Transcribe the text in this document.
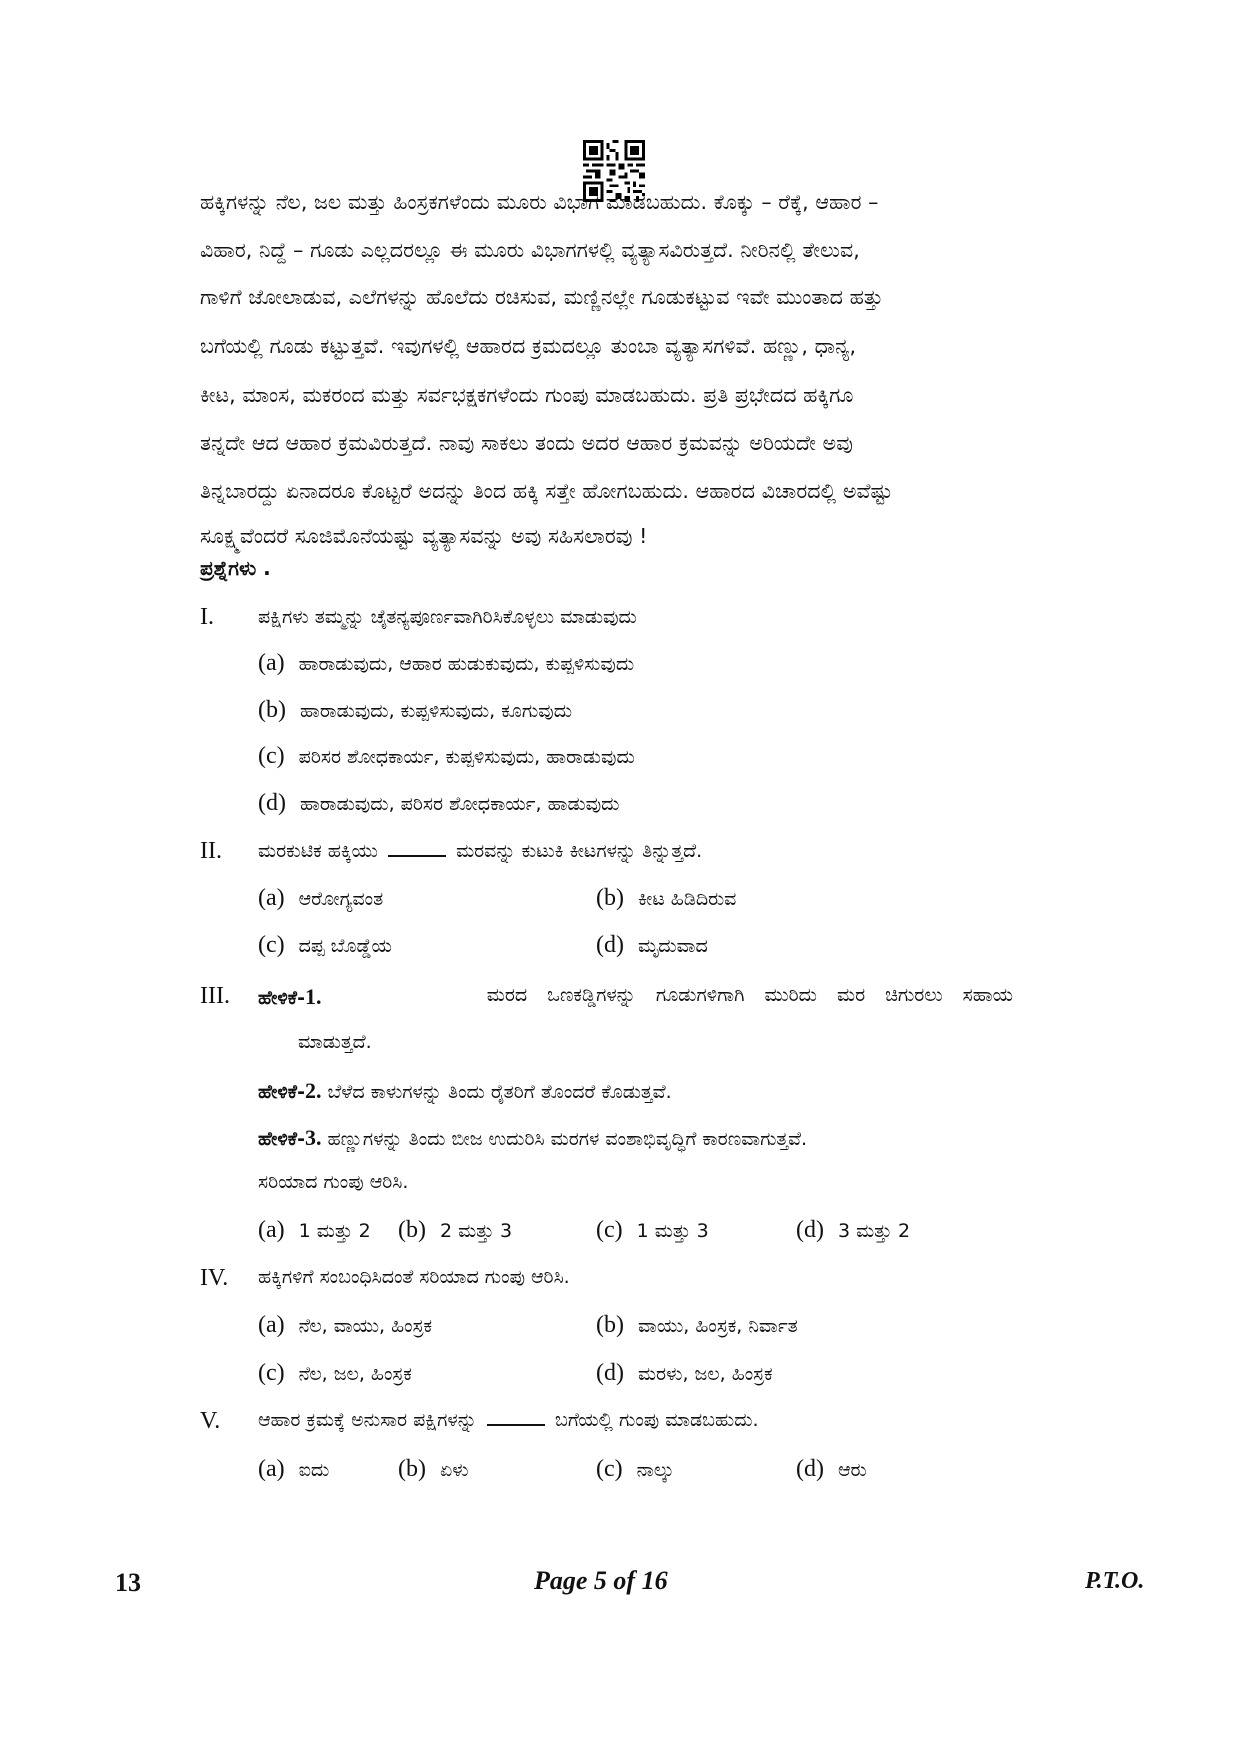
ಹಕ್ಕಿಗಳನ್ನು ನೆಲ, ಜಲ ಮತ್ತು ಹಿಂಸ್ರಕಗಳೆಂದು ಮೂರು ವಿಭಾಗ ಮಾಡಬಹುದು. ಕೊಕ್ಕು – ರೆಕ್ಕೆ, ಆಹಾರ –
ವಿಹಾರ, ನಿದ್ದೆ – ಗೂಡು ಎಲ್ಲದರಲ್ಲೂ ಈ ಮೂರು ವಿಭಾಗಗಳಲ್ಲಿ ವ್ಯತ್ಯಾಸವಿರುತ್ತದೆ. ನೀರಿನಲ್ಲಿ ತೇಲುವ,
ಗಾಳಿಗೆ ಜೋಲಾಡುವ, ಎಲೆಗಳನ್ನು ಹೊಲೆದು ರಚಿಸುವ, ಮಣ್ಣಿನಲ್ಲೇ ಗೂಡುಕಟ್ಟುವ ಇವೇ ಮುಂತಾದ ಹತ್ತು
ಬಗೆಯಲ್ಲಿ ಗೂಡು ಕಟ್ಟುತ್ತವೆ. ಇವುಗಳಲ್ಲಿ ಆಹಾರದ ಕ್ರಮದಲ್ಲೂ ತುಂಬಾ ವ್ಯತ್ಯಾಸಗಳಿವೆ. ಹಣ್ಣು, ಧಾನ್ಯ,
ಕೀಟ, ಮಾಂಸ, ಮಕರಂದ ಮತ್ತು ಸರ್ವಭಕ್ಷಕಗಳೆಂದು ಗುಂಪು ಮಾಡಬಹುದು. ಪ್ರತಿ ಪ್ರಭೇದದ ಹಕ್ಕಿಗೂ
ತನ್ನದೇ ಆದ ಆಹಾರ ಕ್ರಮವಿರುತ್ತದೆ. ನಾವು ಸಾಕಲು ತಂದು ಅದರ ಆಹಾರ ಕ್ರಮವನ್ನು ಅರಿಯದೇ ಅವು
ತಿನ್ನಬಾರದ್ದು ಏನಾದರೂ ಕೊಟ್ಟರೆ ಅದನ್ನು ತಿಂದ ಹಕ್ಕಿ ಸತ್ತೇ ಹೋಗಬಹುದು. ಆಹಾರದ ವಿಚಾರದಲ್ಲಿ ಅವೆಷ್ಟು
ಸೂಕ್ಷ್ಮವೆಂದರೆ ಸೂಜಿಮೊನೆಯಷ್ಟು ವ್ಯತ್ಯಾಸವನ್ನು ಅವು ಸಹಿಸಲಾರವು !
ಪ್ರಶ್ನೆಗಳು .
I. ಪಕ್ಷಿಗಳು ತಮ್ಮನ್ನು ಚೈತನ್ಯಪೂರ್ಣವಾಗಿರಿಸಿಕೊಳ್ಳಲು ಮಾಡುವುದು
(a) ಹಾರಾಡುವುದು, ಆಹಾರ ಹುಡುಕುವುದು, ಕುಪ್ಪಳಿಸುವುದು
(b) ಹಾರಾಡುವುದು, ಕುಪ್ಪಳಿಸುವುದು, ಕೂಗುವುದು
(c) ಪರಿಸರ ಶೋಧಕಾರ್ಯ, ಕುಪ್ಪಳಿಸುವುದು, ಹಾರಾಡುವುದು
(d) ಹಾರಾಡುವುದು, ಪರಿಸರ ಶೋಧಕಾರ್ಯ, ಹಾಡುವುದು
II. ಮರಕುಟಿಕ ಹಕ್ಕಿಯು	ಮರವನ್ನು ಕುಟುಕಿ ಕೀಟಗಳನ್ನು ತಿನ್ನುತ್ತದೆ.
(a) ಆರೋಗ್ಯವಂತ	(b) ಕೀಟ ಹಿಡಿದಿರುವ
(c) ದಪ್ಪ ಬೊಡ್ಡೆಯ	(d) ಮೃದುವಾದ
III. ಹೇಳಿಕೆ-1.	ಮರದ ಒಣಕಡ್ಡಿಗಳನ್ನು ಗೂಡುಗಳಿಗಾಗಿ ಮುರಿದು ಮರ ಚಿಗುರಲು ಸಹಾಯ
ಮಾಡುತ್ತದೆ.
ಹೇಳಿಕೆ-2. ಬೆಳೆದ ಕಾಳುಗಳನ್ನು ತಿಂದು ರೈತರಿಗೆ ತೊಂದರೆ ಕೊಡುತ್ತವೆ.
ಹೇಳಿಕೆ-3. ಹಣ್ಣುಗಳನ್ನು ತಿಂದು ಬೀಜ ಉದುರಿಸಿ ಮರಗಳ ವಂಶಾಭಿವೃದ್ಧಿಗೆ ಕಾರಣವಾಗುತ್ತವೆ.
ಸರಿಯಾದ ಗುಂಪು ಆರಿಸಿ.
(a) 1 ಮತ್ತು 2 (b) 2 ಮತ್ತು 3	(c) 1 ಮತ್ತು 3	(d) 3 ಮತ್ತು 2
IV. ಹಕ್ಕಿಗಳಿಗೆ ಸಂಬಂಧಿಸಿದಂತೆ ಸರಿಯಾದ ಗುಂಪು ಆರಿಸಿ.
(a) ನೆಲ, ವಾಯು, ಹಿಂಸ್ರಕ	(b) ವಾಯು, ಹಿಂಸ್ರಕ, ನಿರ್ವಾತ
(c) ನೆಲ, ಜಲ, ಹಿಂಸ್ರಕ	(d) ಮರಳು, ಜಲ, ಹಿಂಸ್ರಕ
V. ಆಹಾರ ಕ್ರಮಕ್ಕೆ ಅನುಸಾರ ಪಕ್ಷಿಗಳನ್ನು	ಬಗೆಯಲ್ಲಿ ಗುಂಪು ಮಾಡಬಹುದು.
(a) ಐದು	(b) ಏಳು	(c) ನಾಲ್ಕು	(d) ಆರು
13	Page 5 of 16	P.T.O.
